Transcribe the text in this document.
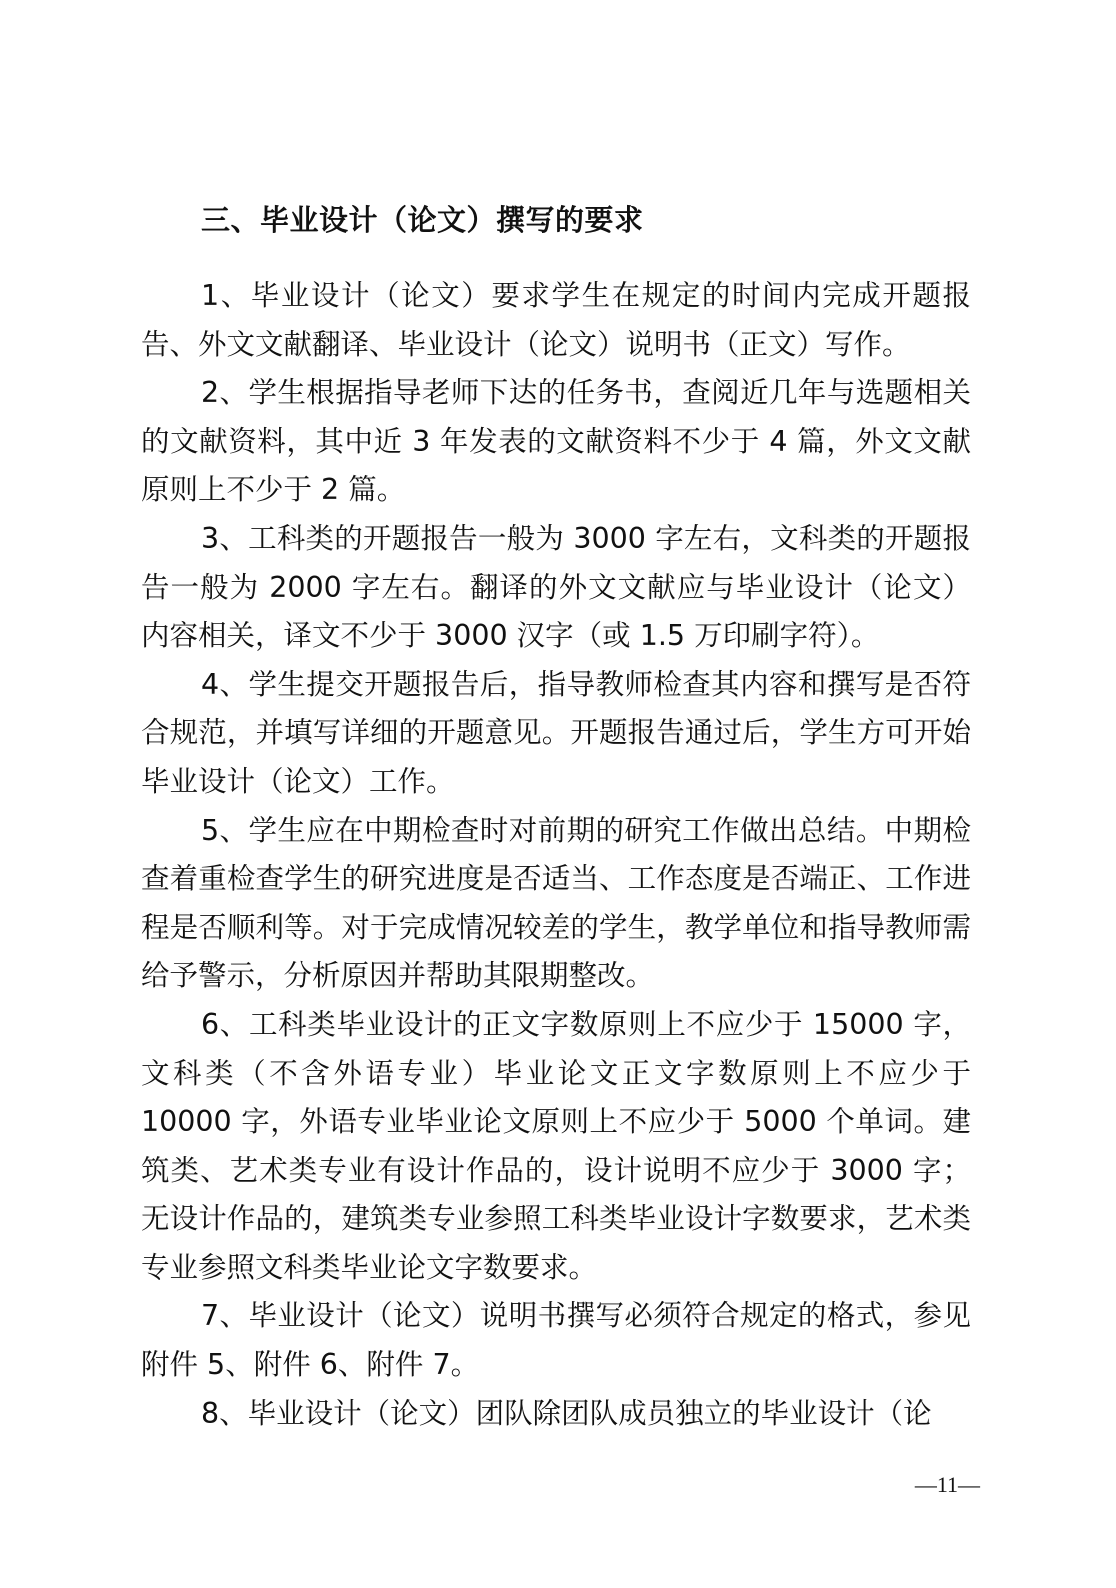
三、毕业设计（论文）撰写的要求

1、毕业设计（论文）要求学生在规定的时间内完成开题报告、外文文献翻译、毕业设计（论文）说明书（正文）写作。

2、学生根据指导老师下达的任务书，查阅近几年与选题相关的文献资料，其中近 3 年发表的文献资料不少于 4 篇，外文文献原则上不少于 2 篇。

3、工科类的开题报告一般为 3000 字左右，文科类的开题报告一般为 2000 字左右。翻译的外文文献应与毕业设计（论文）内容相关，译文不少于 3000 汉字（或 1.5 万印刷字符）。

4、学生提交开题报告后，指导教师检查其内容和撰写是否符合规范，并填写详细的开题意见。开题报告通过后，学生方可开始毕业设计（论文）工作。

5、学生应在中期检查时对前期的研究工作做出总结。中期检查着重检查学生的研究进度是否适当、工作态度是否端正、工作进程是否顺利等。对于完成情况较差的学生，教学单位和指导教师需给予警示，分析原因并帮助其限期整改。

6、工科类毕业设计的正文字数原则上不应少于 15000 字，文科类（不含外语专业）毕业论文正文字数原则上不应少于 10000 字，外语专业毕业论文原则上不应少于 5000 个单词。建筑类、艺术类专业有设计作品的，设计说明不应少于 3000 字；无设计作品的，建筑类专业参照工科类毕业设计字数要求，艺术类专业参照文科类毕业论文字数要求。

7、毕业设计（论文）说明书撰写必须符合规定的格式，参见附件 5、附件 6、附件 7。

8、毕业设计（论文）团队除团队成员独立的毕业设计（论

—11—
